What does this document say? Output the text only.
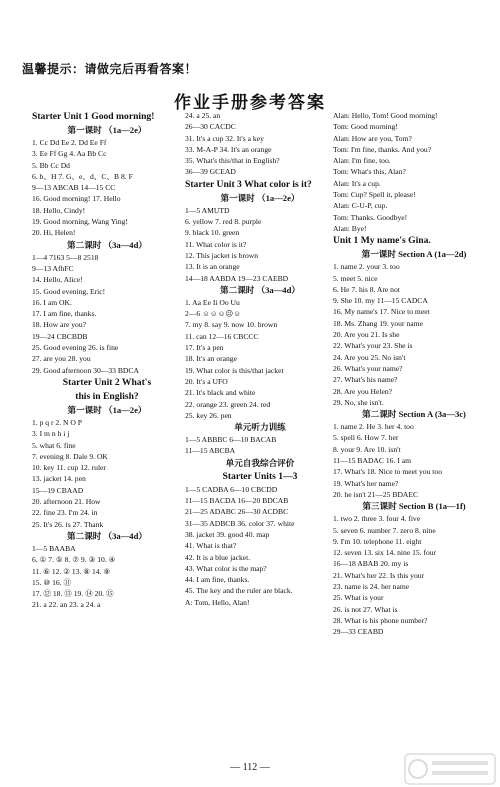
温馨提示：请做完后再看答案！
作业手册参考答案
Starter Unit 1 Good morning!
第一课时 （1a—2e）
1. Cc Dd Ee 2. Dd Ee Ff
3. Ee Ff Gg 4. Aa Bb Cc
5. Bb Cc Dd
6. b、H 7. G、e、d、C、B 8. F
9—13 ABCAB 14—15 CC
16. Good morning! 17. Hello
18. Hello, Cindy!
19. Good morning, Wang Ying!
20. Hi, Helen!
第二课时 （3a—4d）
1—4 7163 5—8 2518
9—13 AfhFC
14. Hello, Alice!
15. Good evening, Eric!
16. I am OK.
17. I am fine, thanks.
18. How are you?
19—24 CBCBDB
25. Good evening 26. is fine
27. are you 28. you
29. Good afternoon 30—33 BDCA
Starter Unit 2 What's
this in English?
第一课时 （1a—2e）
1. p q r 2. N O P
3. I m n h i j
5. what 6. fine
7. evening 8. Dale 9. OK
10. key 11. cup 12. ruler
13. jacket 14. pen
15—19 CBAAD
20. afternoon 21. How
22. fine 23. I'm 24. in
25. It's 26. is 27. Thank
第二课时 （3a—4d）
1—5 BAABA
6. ① 7. ⑤ 8. ⑦ 9. ③ 10. ④
11. ⑥ 12. ② 13. ⑧ 14. ⑨
15. ⑩ 16. ⑪
17. ⑫ 18. ⑬ 19. ⑭ 20. ⑮
21. a 22. an 23. a 24. a
24. a 25. an
26—30 CACDC
31. It's a cup 32. It's a key
33. M-A-P 34. It's an orange
35. What's this/that in English?
36—39 GCEAD
Starter Unit 3 What color is it?
第一课时 （1a—2e）
1—5 AMUTD
6. yellow 7. red 8. purple
9. black 10. green
11. What color is it?
12. This jacket is brown
13. It is an orange
14—18 AABDA 19—23 CAEBD
第二课时 （3a—4d）
1. Aa Ee Ii Oo Uu
2—6 ☺☺☺☹☺
7. my 8. say 9. now 10. brown
11. can 12—16 CBCCC
17. It's a pen
18. It's an orange
19. What color is this/that jacket
20. It's a UFO
21. It's black and white
22. orange 23. green 24. red
25. key 26. pen
单元听力训练
1—5 ABBBC 6—10 BACAB
11—15 ABCBA
单元自我综合评价
Starter Units 1—3
1—5 CADBA 6—10 CBCDD
11—15 BACDA 16—20 BDCAB
21—25 ADABC 26—30 ACDBC
31—35 ADBCB 36. color 37. white
38. jacket 39. good 40. map
41. What is that?
42. It is a blue jacket.
43. What color is the map?
44. I am fine, thanks.
45. The key and the ruler are black.
A: Tom, Hello, Alan!
Alan: Hello, Tom! Good morning!
Tom: Good morning!
Alan: How are you, Tom?
Tom: I'm fine, thanks. And you?
Alan: I'm fine, too.
Tom: What's this, Alan?
Alan: It's a cup.
Tom: Cup? Spell it, please!
Alan: C-U-P, cup.
Tom: Thanks. Goodbye!
Alan: Bye!
Unit 1 My name's Gina.
第一课时 Section A (1a—2d)
1. name 2. your 3. too
5. meet 5. nice
6. He 7. his 8. Are not
9. She 10. my 11—15 CADCA
16. My name's 17. Nice to meet
18. Ms. Zhang 19. your name
20. Are you 21. Is she
22. What's your 23. She is
24. Are you 25. No isn't
26. What's your name?
27. What's his name?
28. Are you Helen?
29. No, she isn't.
第二课时 Section A (3a—3c)
1. name 2. He 3. her 4. too
5. spell 6. How 7. her
8. your 9. Are 10. isn't
11—15 BADAC 16. I am
17. What's 18. Nice to meet you too
19. What's her name?
20. he isn't 21—25 BDAEC
第三课时 Section B (1a—1f)
1. two 2. three 3. four 4. five
5. seven 6. number 7. zero 8. nine
9. I'm 10. telephone 11. eight
12. seven 13. six 14. nine 15. four
16—18 ABAB 20. my is
21. What's her 22. Is this your
23. name is 24. her name
25. What is your
26. is not 27. What is
28. What is his phone number?
29—33 CEABD
— 112 —
